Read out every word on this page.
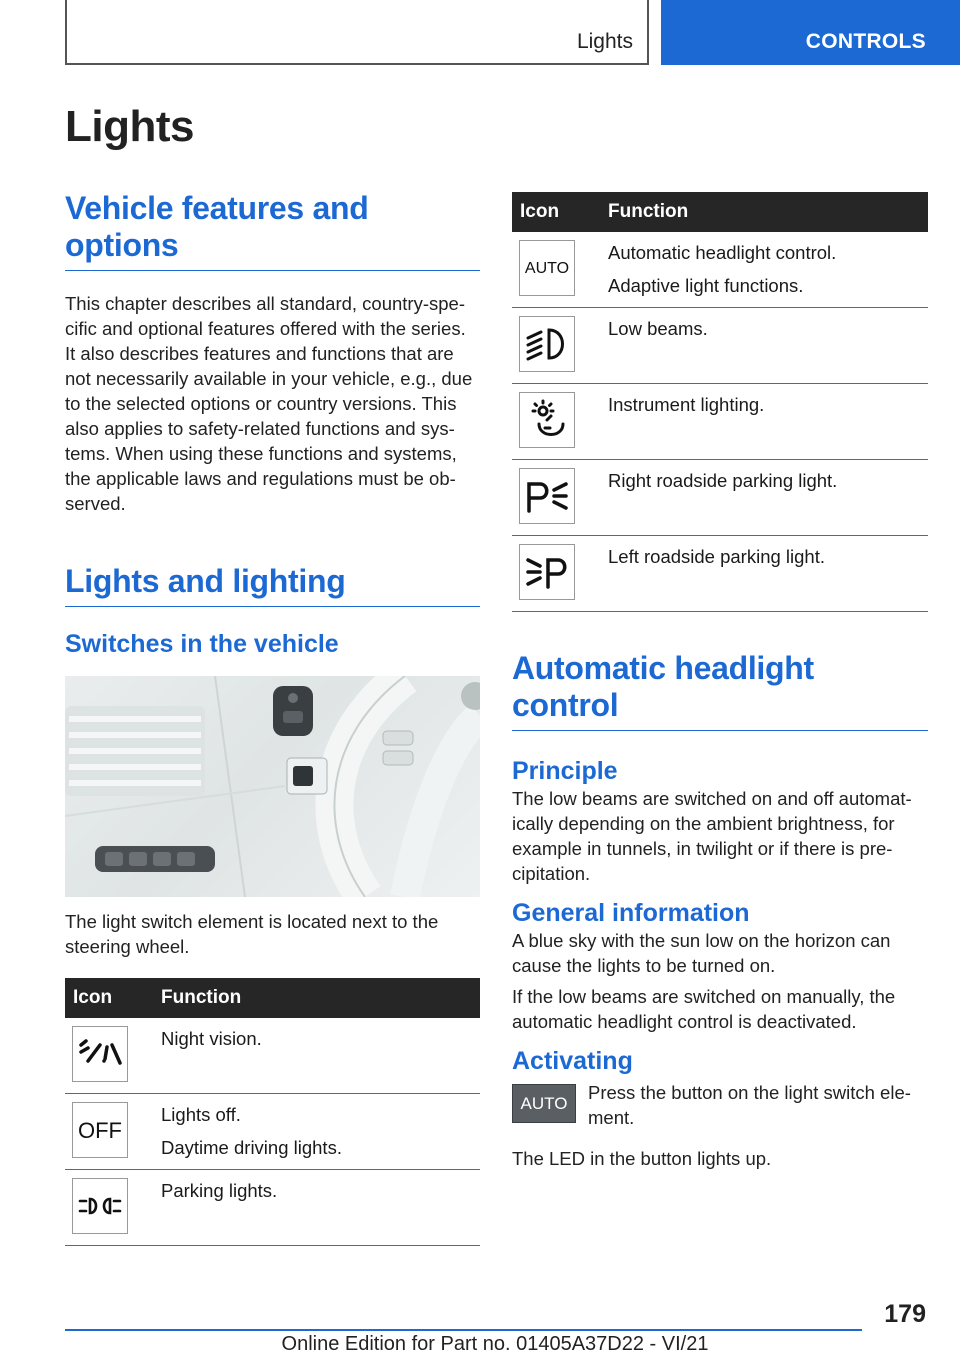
Lights	CONTROLS
Lights
Vehicle features and options

This chapter describes all standard, country-spe-cific and optional features offered with the series. It also describes features and functions that are not necessarily available in your vehicle, e.g., due to the selected options or country versions. This also applies to safety-related functions and sys-tems. When using these functions and systems, the applicable laws and regulations must be ob-served.

Lights and lighting
Switches in the vehicle

The light switch element is located next to the steering wheel.

Icon	Function

Night vision.

OFF	Lights off.
Daytime driving lights.

Parking lights.
Icon	Function

AUTO	Automatic headlight control.
Adaptive light functions.

Low beams.

Instrument lighting.

Right roadside parking light.

Left roadside parking light.
Automatic headlight control
Principle

The low beams are switched on and off automat-ically depending on the ambient brightness, for example in tunnels, in twilight or if there is pre-cipitation.

General information

A blue sky with the sun low on the horizon can cause the lights to be turned on.

If the low beams are switched on manually, the automatic headlight control is deactivated.

Activating
AUTO Press the button on the light switch ele-ment.

The LED in the button lights up.

179
Online Edition for Part no. 01405A37D22 - VI/21
